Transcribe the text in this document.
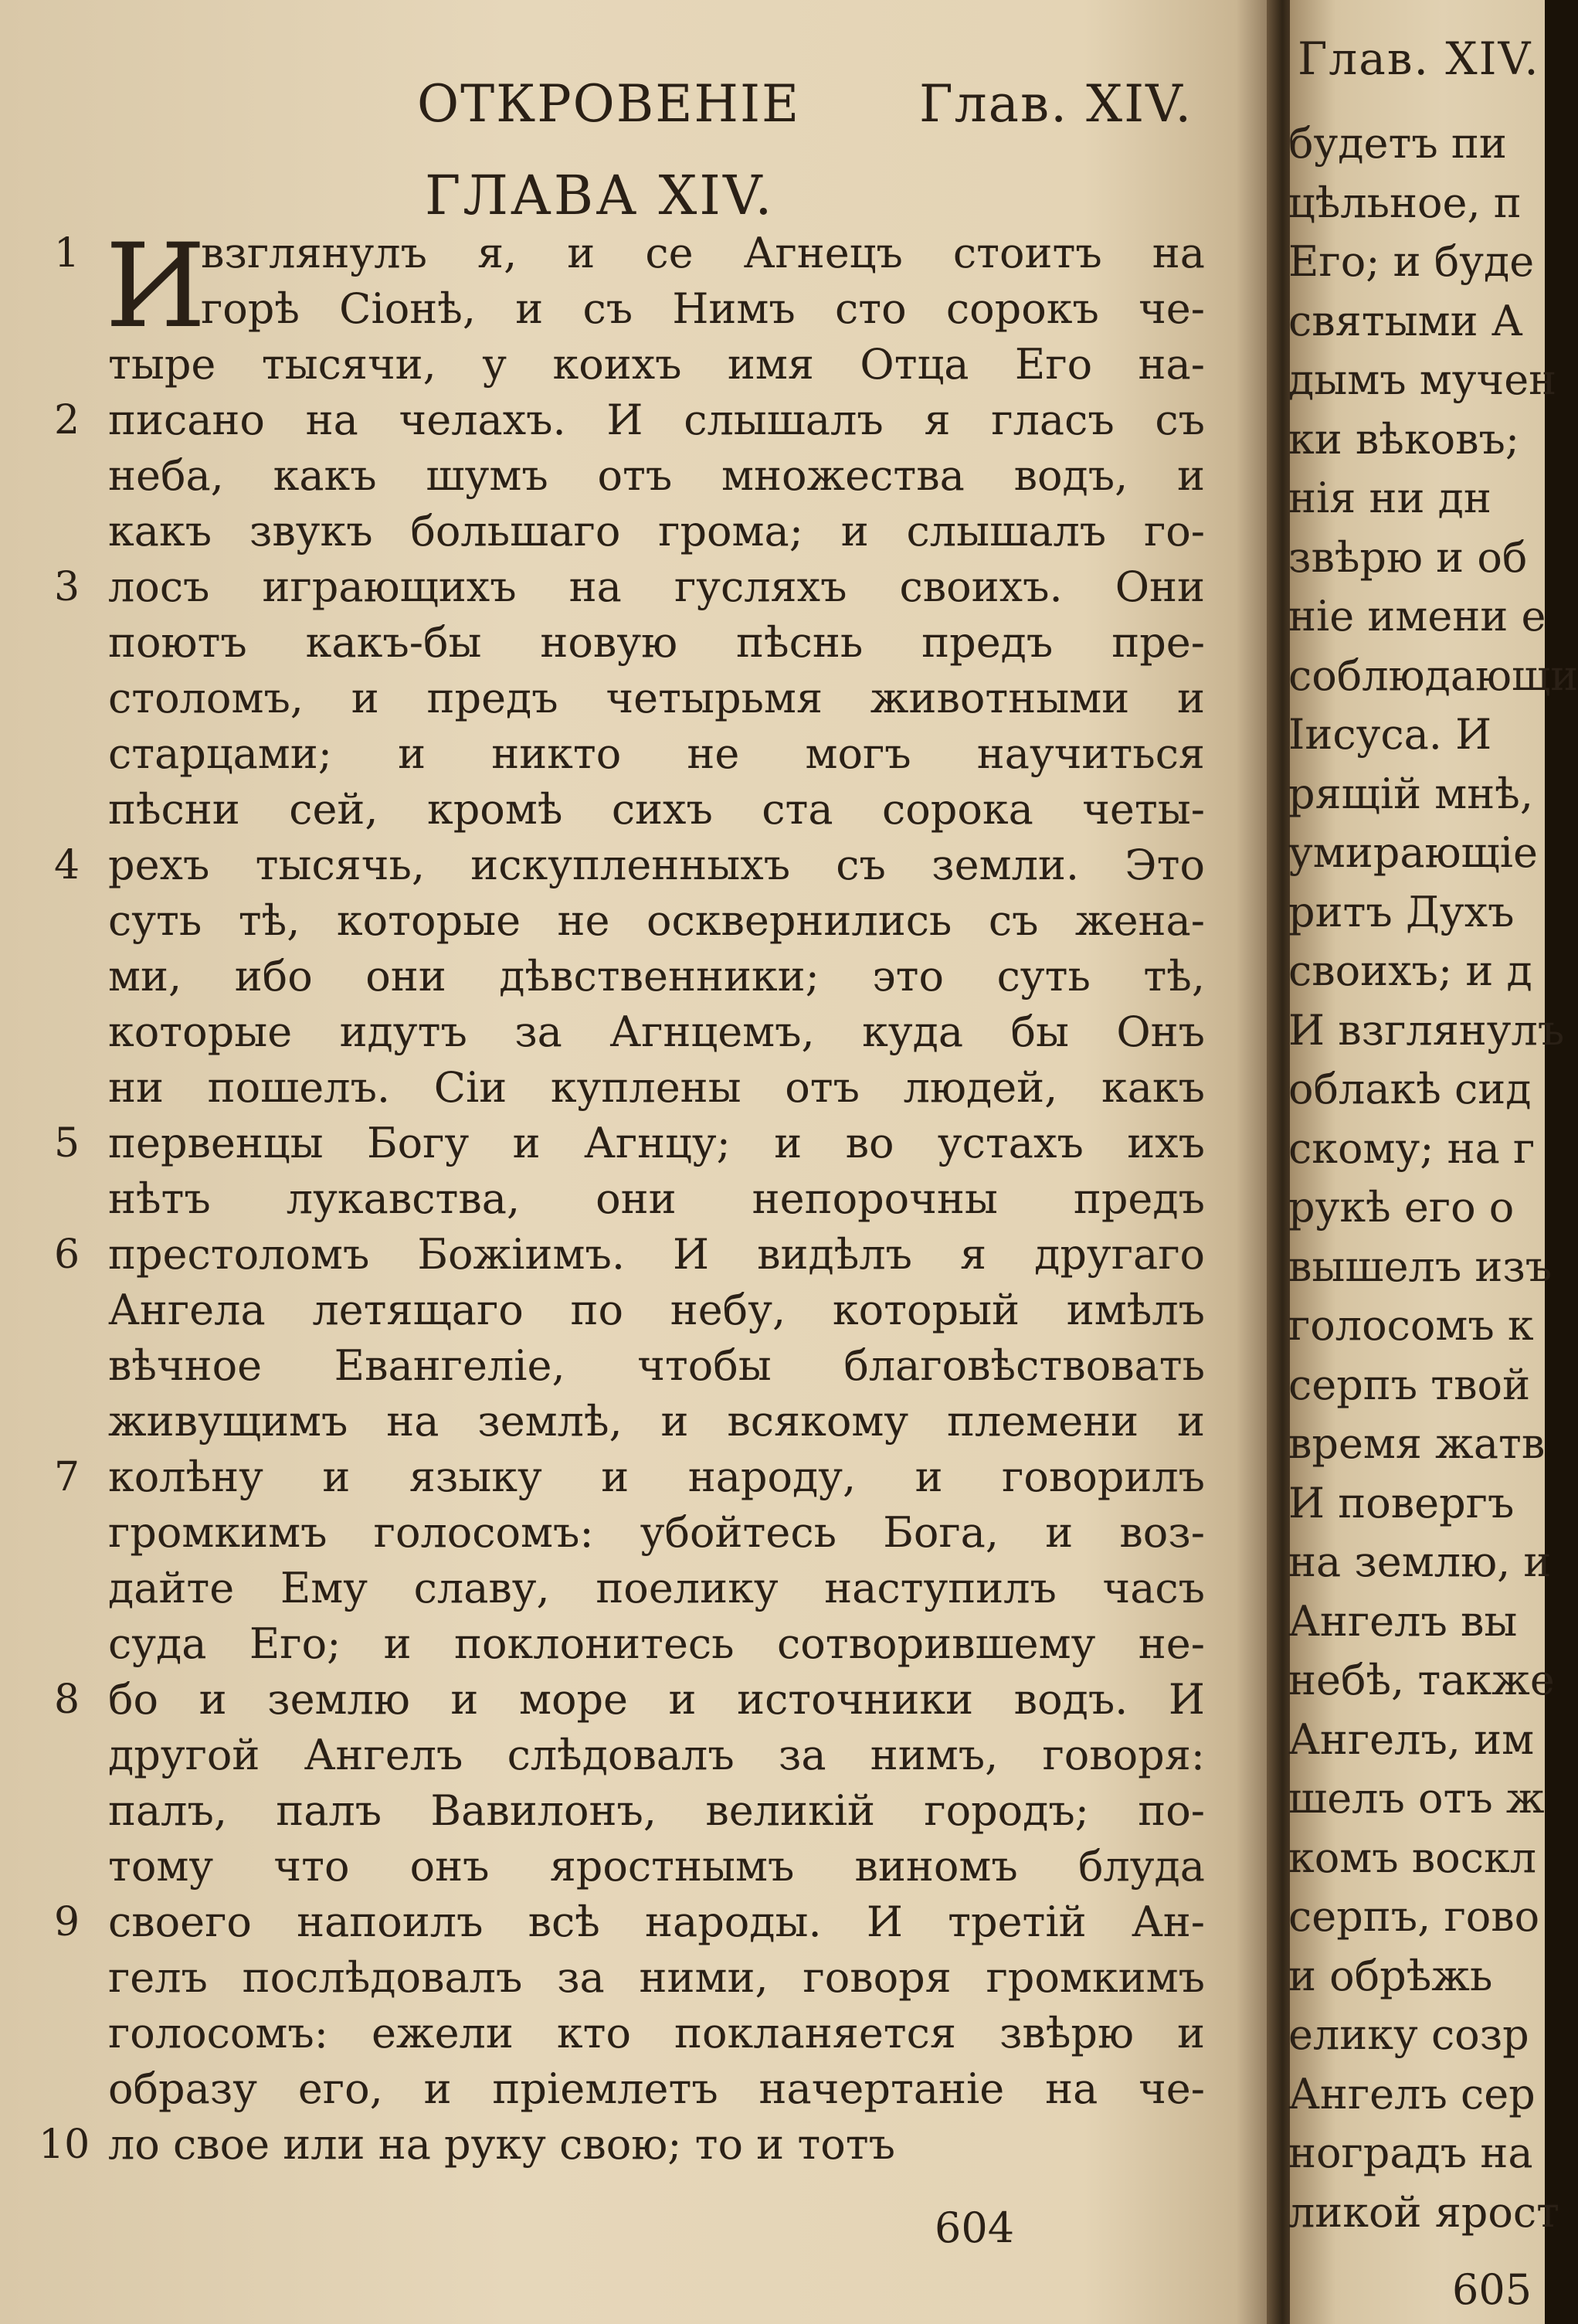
ОТКРОВЕНІЕ Глав. XIV.
ГЛАВА XIV.
И
1
2
3
4
5
6
7
8
9
10
взглянулъ я, и се Агнецъ стоитъ на
горѣ Сіонѣ, и съ Нимъ сто сорокъ че-
тыре тысячи, у коихъ имя Отца Его на-
писано на челахъ. И слышалъ я гласъ съ
неба, какъ шумъ отъ множества водъ, и
какъ звукъ большаго грома; и слышалъ го-
лосъ играющихъ на гусляхъ своихъ. Они
поютъ какъ-бы новую пѣснь предъ пре-
столомъ, и предъ четырьмя животными и
старцами; и никто не могъ научиться
пѣсни сей, кромѣ сихъ ста сорока четы-
рехъ тысячь, искупленныхъ съ земли. Это
суть тѣ, которые не осквернились съ жена-
ми, ибо они дѣвственники; это суть тѣ,
которые идутъ за Агнцемъ, куда бы Онъ
ни пошелъ. Сіи куплены отъ людей, какъ
первенцы Богу и Агнцу; и во устахъ ихъ
нѣтъ лукавства, они непорочны предъ
престоломъ Божіимъ. И видѣлъ я другаго
Ангела летящаго по небу, который имѣлъ
вѣчное Евангеліе, чтобы благовѣствовать
живущимъ на землѣ, и всякому племени и
колѣну и языку и народу, и говорилъ
громкимъ голосомъ: убойтесь Бога, и воз-
дайте Ему славу, поелику наступилъ часъ
суда Его; и поклонитесь сотворившему не-
бо и землю и море и источники водъ. И
другой Ангелъ слѣдовалъ за нимъ, говоря:
палъ, палъ Вавилонъ, великій городъ; по-
тому что онъ яростнымъ виномъ блуда
своего напоилъ всѣ народы. И третій Ан-
гелъ послѣдовалъ за ними, говоря громкимъ
голосомъ: ежели кто покланяется звѣрю и
образу его, и пріемлетъ начертаніе на че-
ло свое или на руку свою; то и тотъ
604
Глав. XIV.
будетъ пи
цѣльное, п
Его; и буде
святыми А
дымъ мучен
ки вѣковъ;
нія ни дн
звѣрю и об
ніе имени е
соблюдающи
Іисуса. И
рящій мнѣ,
умирающіе
ритъ Духъ
своихъ; и д
И взглянулъ
облакѣ сид
скому; на г
рукѣ его о
вышелъ изъ
голосомъ к
серпъ твой
время жатв
И повергъ
на землю, и
Ангелъ вы
небѣ, также
Ангелъ, им
шелъ отъ ж
комъ воскл
серпъ, гово
и обрѣжь
елику созр
Ангелъ сер
ноградъ на
ликой ярост
605
